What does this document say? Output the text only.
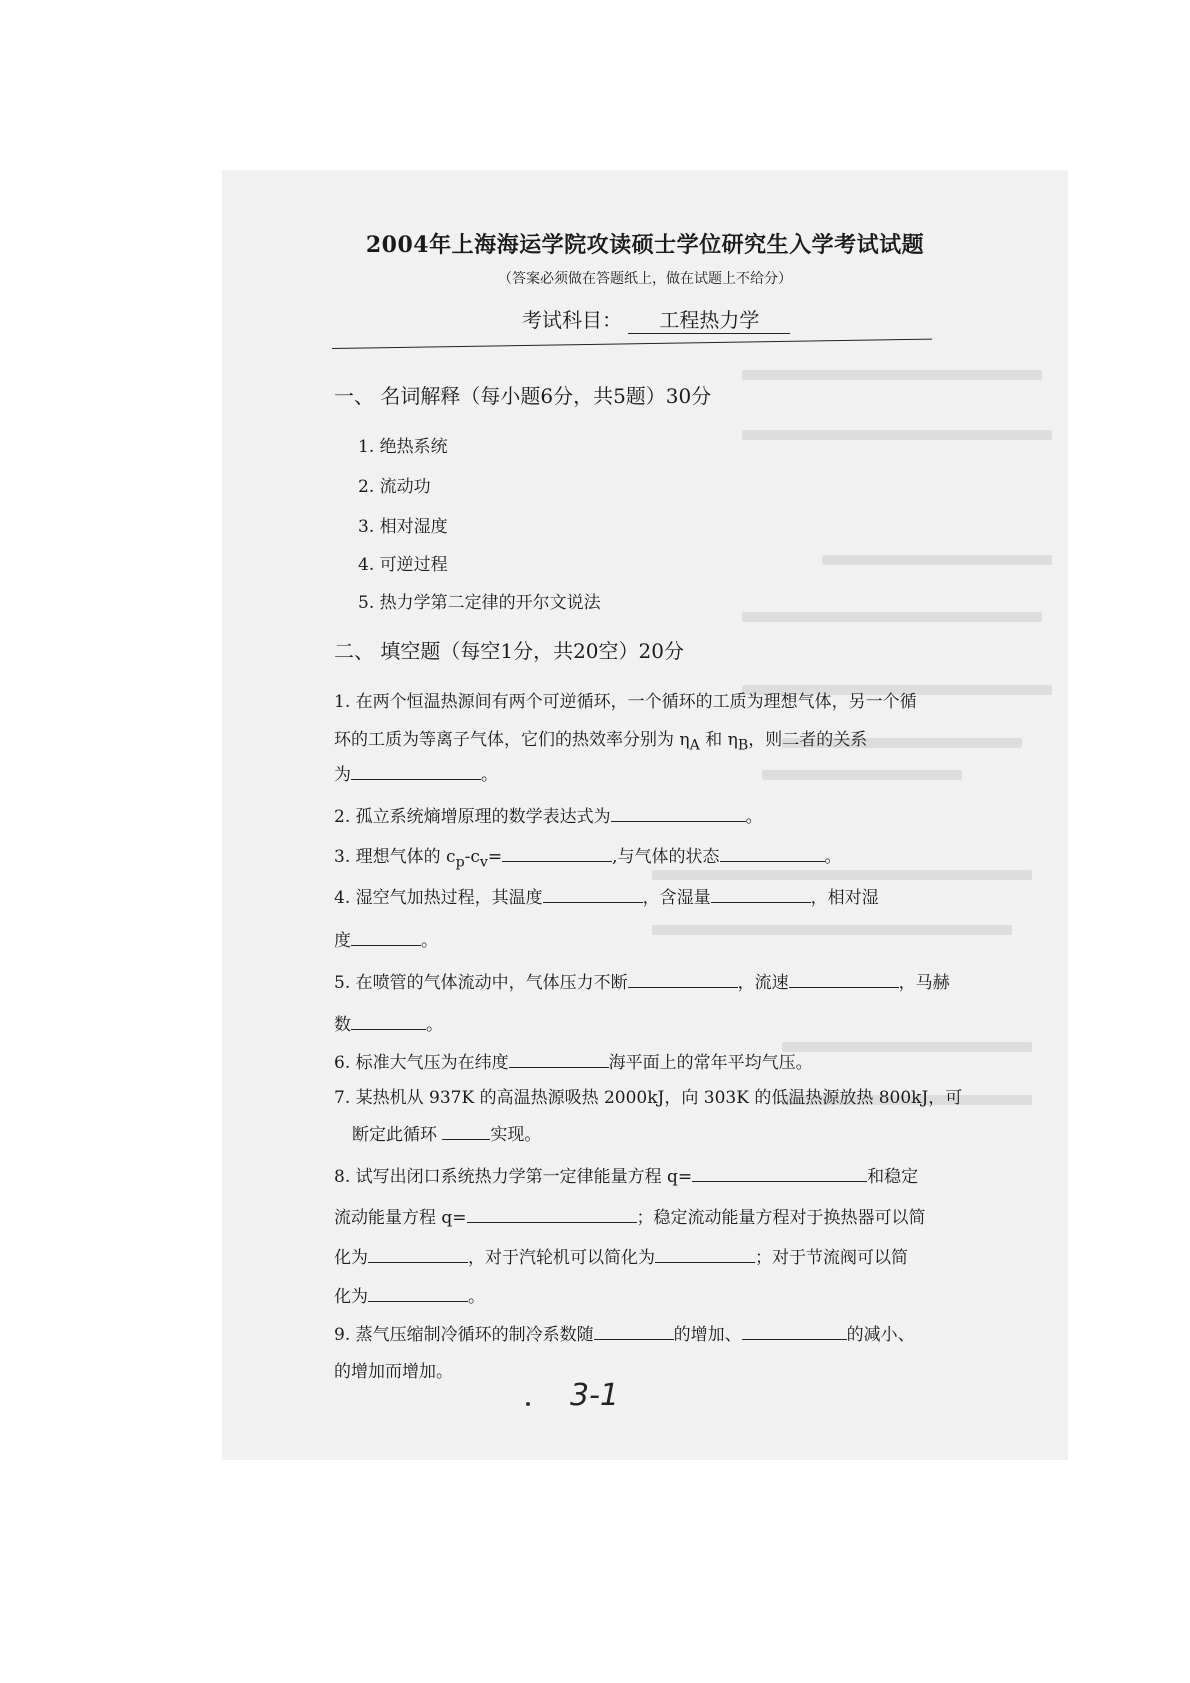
2004年上海海运学院攻读硕士学位研究生入学考试试题
（答案必须做在答题纸上，做在试题上不给分）
考试科目： 工程热力学
一、 名词解释（每小题6分，共5题）30分
1. 绝热系统
2. 流动功
3. 相对湿度
4. 可逆过程
5. 热力学第二定律的开尔文说法
二、 填空题（每空1分，共20空）20分
1. 在两个恒温热源间有两个可逆循环，一个循环的工质为理想气体，另一个循
环的工质为等离子气体，它们的热效率分别为 $\eta_A$ 和 $\eta_B$，则二者的关系
为	。
2. 孤立系统熵增原理的数学表达式为	。
3. 理想气体的 $c_p-c_v=$	,与气体的状态	。
4. 湿空气加热过程，其温度	，含湿量	，相对湿
度	。
5. 在喷管的气体流动中，气体压力不断	，流速	，马赫
数	。
6. 标准大气压为在纬度	海平面上的常年平均气压。
7. 某热机从 937K 的高温热源吸热 2000kJ，向 303K 的低温热源放热 800kJ，可
断定此循环	实现。
8. 试写出闭口系统热力学第一定律能量方程 q=	和稳定
流动能量方程 q=	；稳定流动能量方程对于换热器可以简
化为	，对于汽轮机可以简化为	；对于节流阀可以简
化为	。
9. 蒸气压缩制冷循环的制冷系数随	的增加、	的减小、
的增加而增加。
3-1
